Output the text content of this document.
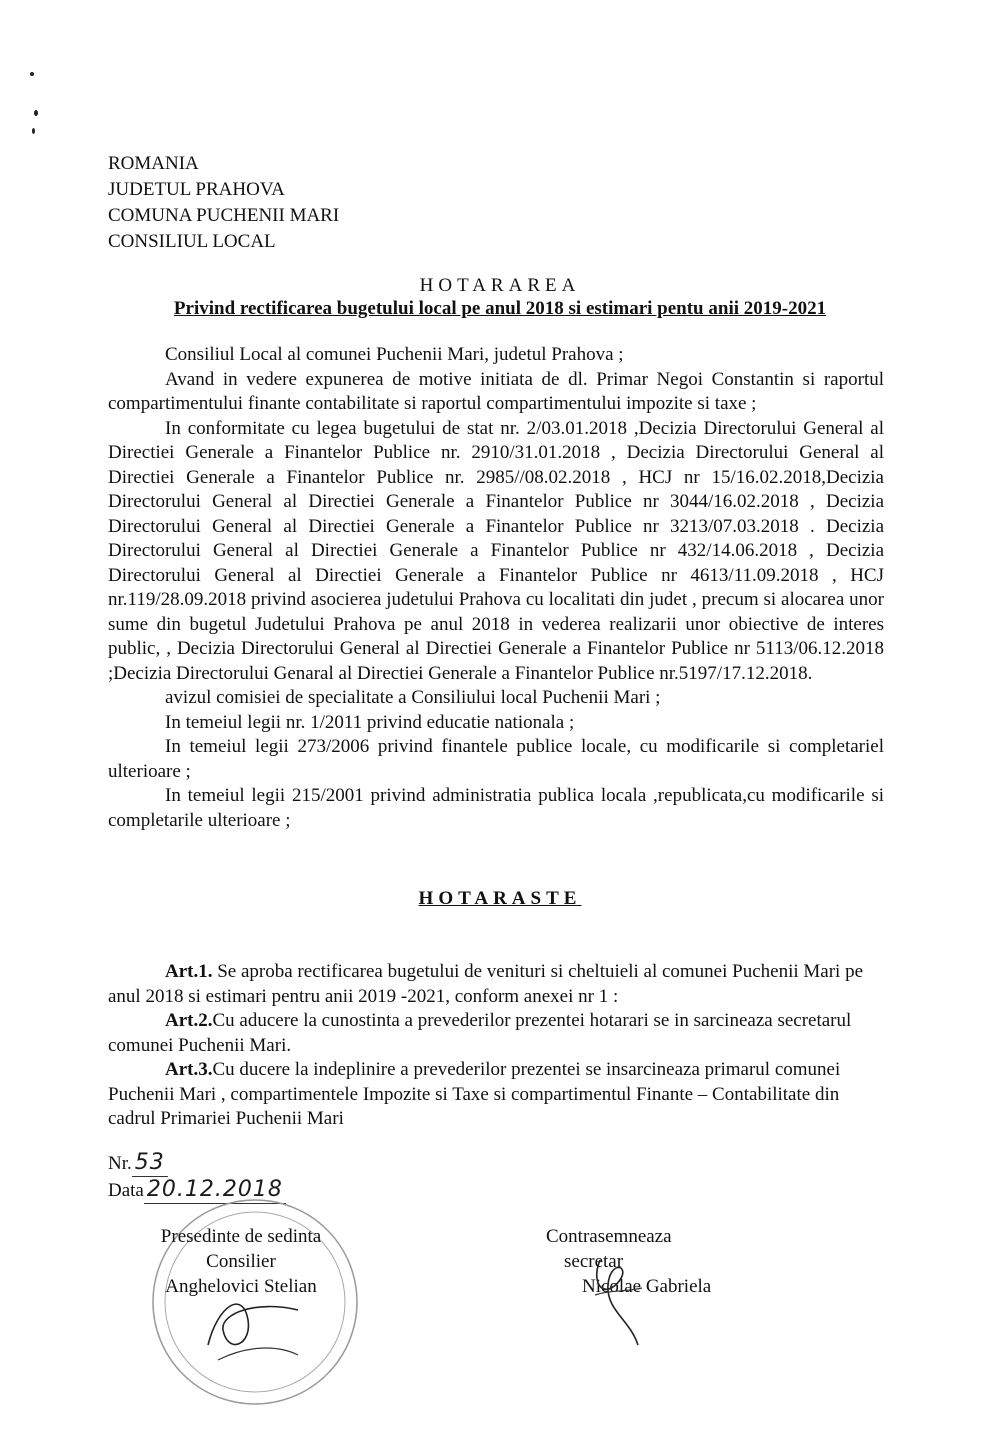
ROMANIA
JUDETUL PRAHOVA
COMUNA PUCHENII MARI
CONSILIUL LOCAL
HOTARAREA
Privind rectificarea bugetului local pe anul 2018 si estimari pentu anii 2019-2021

Consiliul Local al comunei Puchenii Mari, judetul Prahova ;

Avand in vedere expunerea de motive initiata de dl. Primar Negoi Constantin si raportul compartimentului finante contabilitate si raportul compartimentului impozite si taxe ;

In conformitate cu legea bugetului de stat nr. 2/03.01.2018 ,Decizia Directorului General al Directiei Generale a Finantelor Publice nr. 2910/31.01.2018 , Decizia Directorului General al Directiei Generale a Finantelor Publice nr. 2985//08.02.2018 , HCJ nr 15/16.02.2018,Decizia Directorului General al Directiei Generale a Finantelor Publice nr 3044/16.02.2018 , Decizia Directorului General al Directiei Generale a Finantelor Publice nr 3213/07.03.2018 . Decizia Directorului General al Directiei Generale a Finantelor Publice nr 432/14.06.2018 , Decizia Directorului General al Directiei Generale a Finantelor Publice nr 4613/11.09.2018 , HCJ nr.119/28.09.2018 privind asocierea judetului Prahova cu localitati din judet , precum si alocarea unor sume din bugetul Judetului Prahova pe anul 2018 in vederea realizarii unor obiective de interes public, , Decizia Directorului General al Directiei Generale a Finantelor Publice nr 5113/06.12.2018 ;Decizia Directorului Genaral al Directiei Generale a Finantelor Publice nr.5197/17.12.2018.

avizul comisiei de specialitate a Consiliului local Puchenii Mari ;

In temeiul legii nr. 1/2011 privind educatie nationala ;

In temeiul legii 273/2006 privind finantele publice locale, cu modificarile si completariel ulterioare ;

In temeiul legii 215/2001 privind administratia publica locala ,republicata,cu modificarile si completarile ulterioare ;

HOTARASTE

Art.1. Se aproba rectificarea bugetului de venituri si cheltuieli al comunei Puchenii Mari pe anul 2018 si estimari pentru anii 2019 -2021, conform anexei nr 1 :

Art.2.Cu aducere la cunostinta a prevederilor prezentei hotarari se in sarcineaza secretarul comunei Puchenii Mari.

Art.3.Cu ducere la indeplinire a prevederilor prezentei se insarcineaza primarul comunei Puchenii Mari , compartimentele Impozite si Taxe si compartimentul Finante – Contabilitate din cadrul Primariei Puchenii Mari

Nr. 53
Data 20.12.2018
Presedinte de sedinta
Consilier
Anghelovici Stelian
Contrasemneaza
secretar
Nicolae Gabriela
